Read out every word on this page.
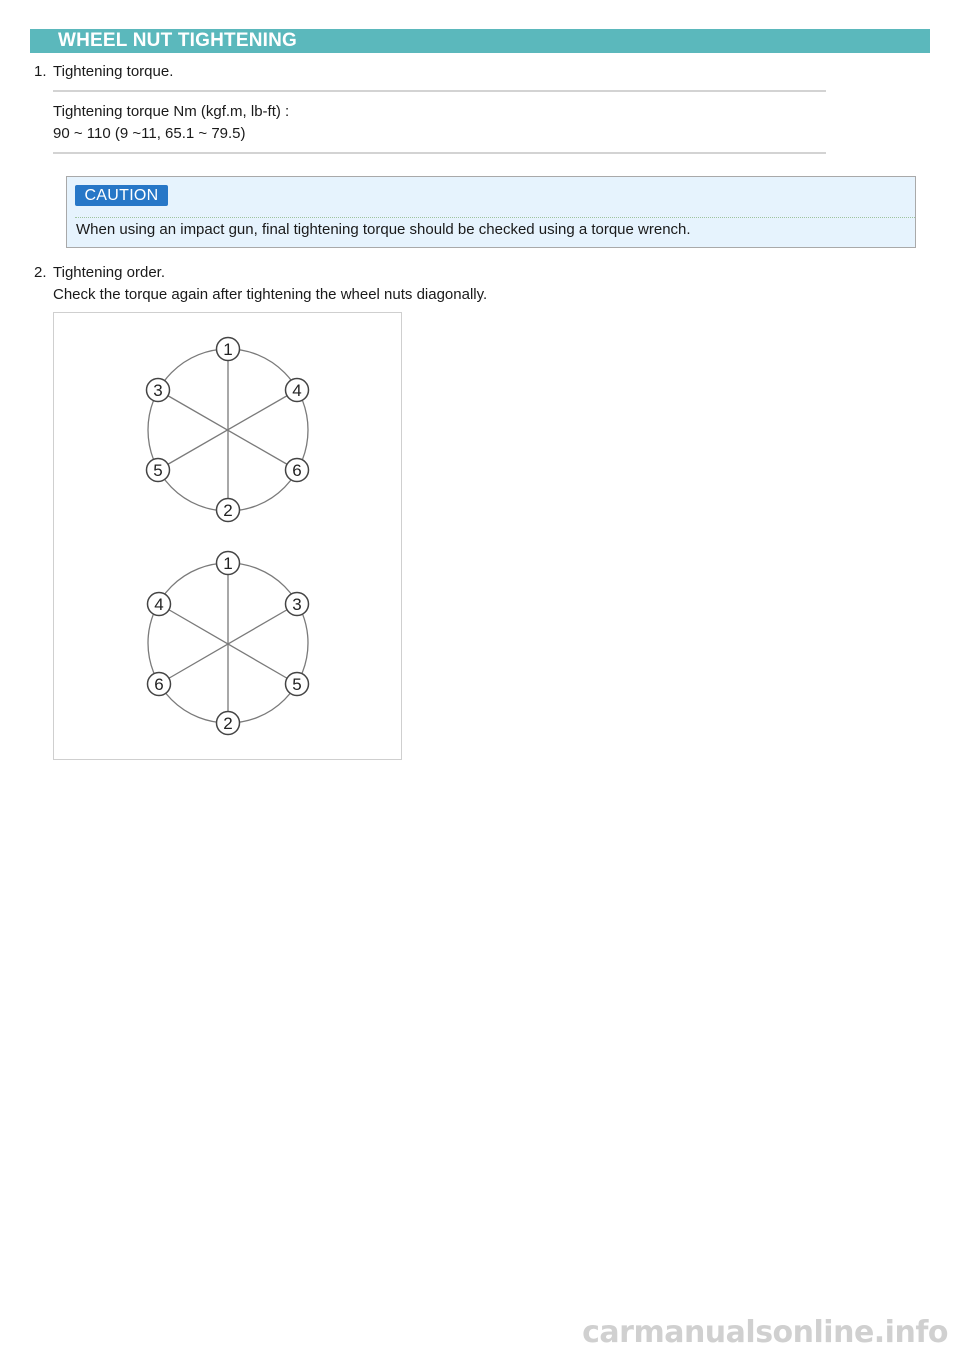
WHEEL NUT TIGHTENING
1. Tightening torque.
Tightening torque Nm (kgf.m, lb-ft) :
90 ~ 110 (9 ~11, 65.1 ~ 79.5)
CAUTION
When using an impact gun, final tightening torque should be checked using a torque wrench.
2. Tightening order.
Check the torque again after tightening the wheel nuts diagonally.
1
3	4
5	6
2
1
4	3
6	5
2
carmanualsonline.info
